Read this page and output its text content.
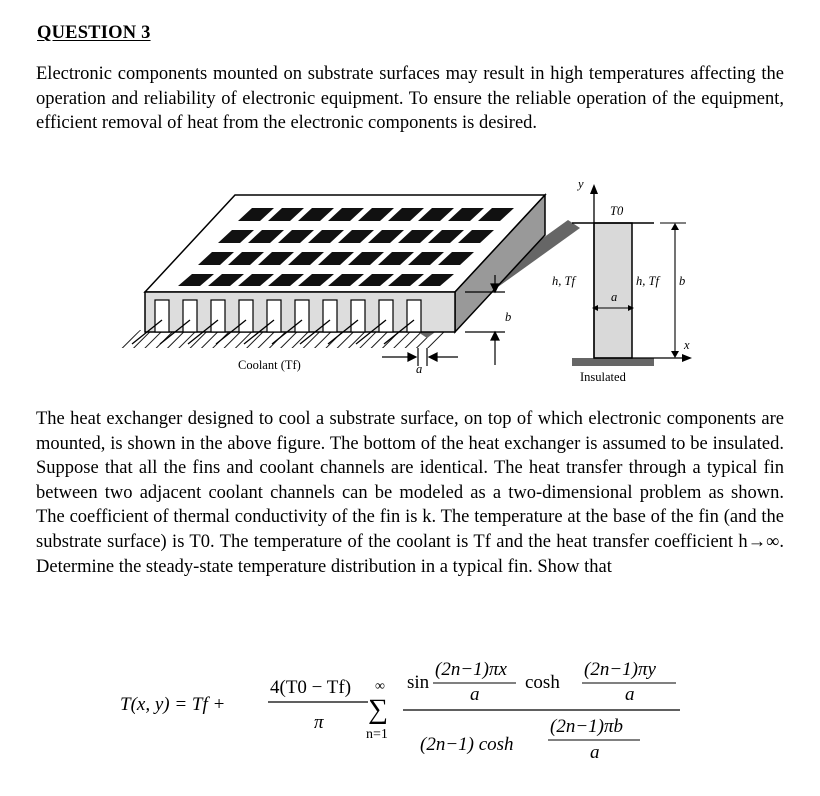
QUESTION 3
Electronic components mounted on substrate surfaces may result in high temperatures affecting the operation and reliability of electronic equipment. To ensure the reliable operation of the equipment, efficient removal of heat from the electronic components is desired.
Coolant (Tf)
b
a
y
x
T0
h, Tf	h, Tf b
a
Insulated
The heat exchanger designed to cool a substrate surface, on top of which electronic components are mounted, is shown in the above figure. The bottom of the heat exchanger is assumed to be insulated. Suppose that all the fins and coolant channels are identical. The heat transfer through a typical fin between two adjacent coolant channels can be modeled as a two-dimensional problem as shown. The coefficient of thermal conductivity of the fin is k. The temperature at the base of the fin (and the substrate surface) is T0. The temperature of the coolant is Tf and the heat transfer coefficient h→∞. Determine the steady-state temperature distribution in a typical fin. Show that
T(x, y) = Tf +
4(T0 − Tf)
π
∞
∑
n=1
sin
(2n−1)πx
a
cosh
(2n−1)πy
a
(2n−1) cosh
(2n−1)πb
a
